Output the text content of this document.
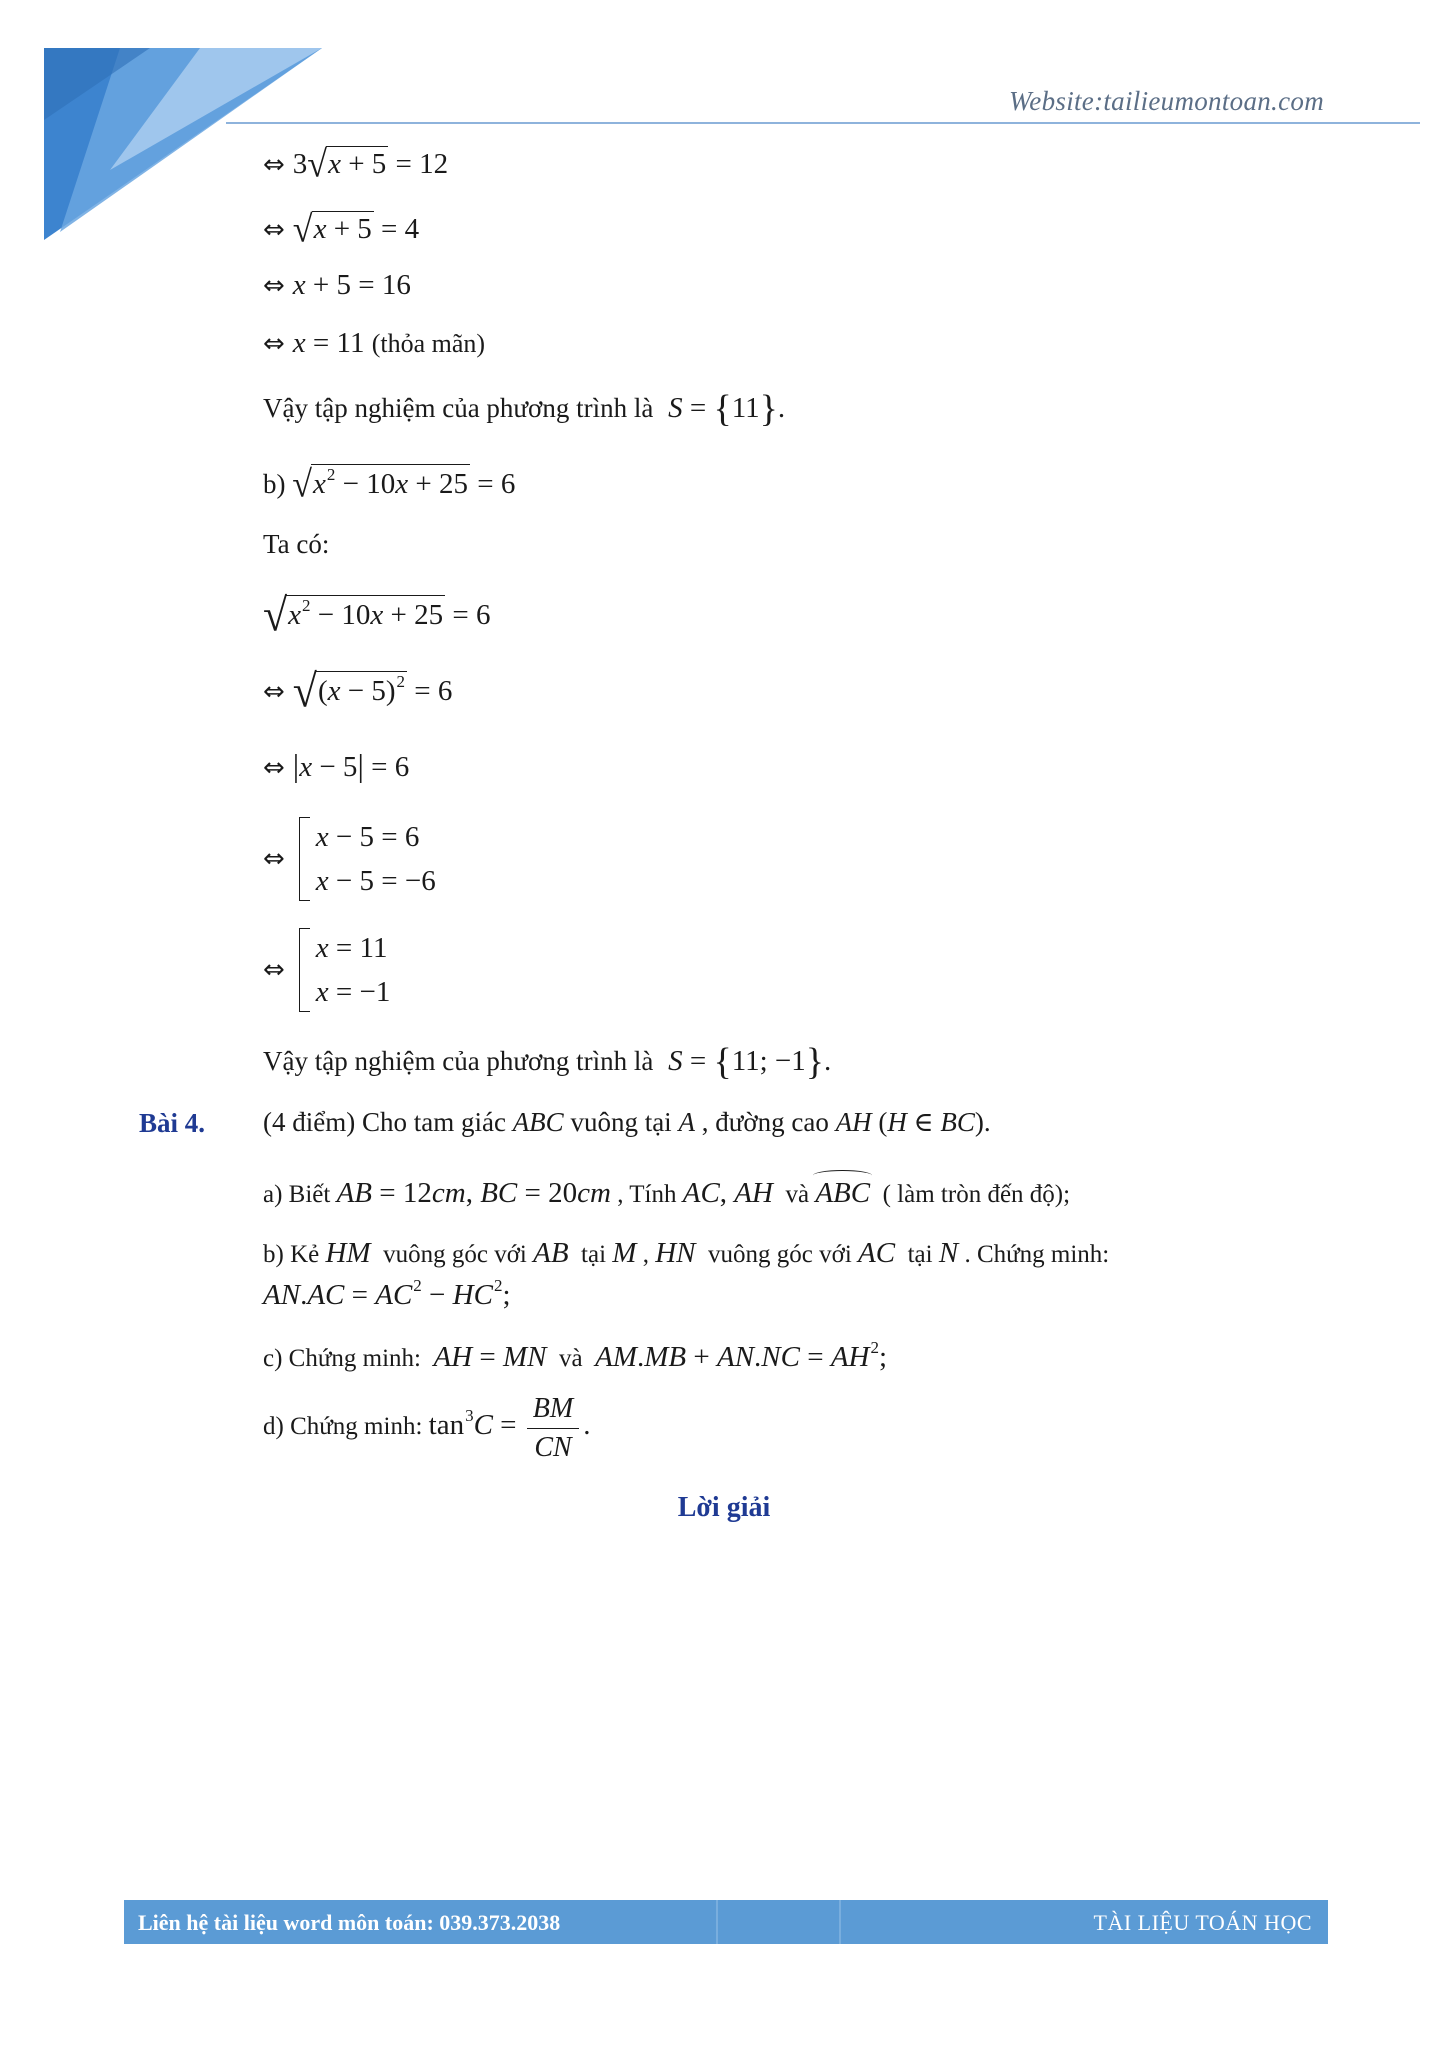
Website:tailieumontoan.com
⇔ 3√x + 5 = 12
⇔ √x + 5 = 4
⇔ x + 5 = 16
⇔ x = 11 (thỏa mãn)
Vậy tập nghiệm của phương trình là S = {11}.
b) $√x^2 - 10x + 25 = 6$
Ta có:
$√x^2 - 10x + 25 = 6$
⇔ $√(x - 5)^2 = 6$
⇔ |x − 5| = 6
⇔
x − 5 = 6
x − 5 = −6
⇔
x = 11
x = −1
Vậy tập nghiệm của phương trình là S = {11; −1}.
Bài 4. (4 điểm) Cho tam giác ABC vuông tại A , đường cao AH (H ∈ BC).
a) Biết AB = 12cm, BC = 20cm , Tính AC, AH  và ABC  ( làm tròn đến độ);
b) Kẻ HM  vuông góc với AB  tại M , HN  vuông góc với AC  tại N . Chứng minh:
$AN.AC = AC^2 - HC^2$;
c) Chứng minh:  AH = MN  và  $AM.MB + AN.NC = AH^2$;
d) Chứng minh: $\tan^3C = \frac{BM}{CN}$ .
Lời giải
Liên hệ tài liệu word môn toán: 039.373.2038	TÀI LIỆU TOÁN HỌC
